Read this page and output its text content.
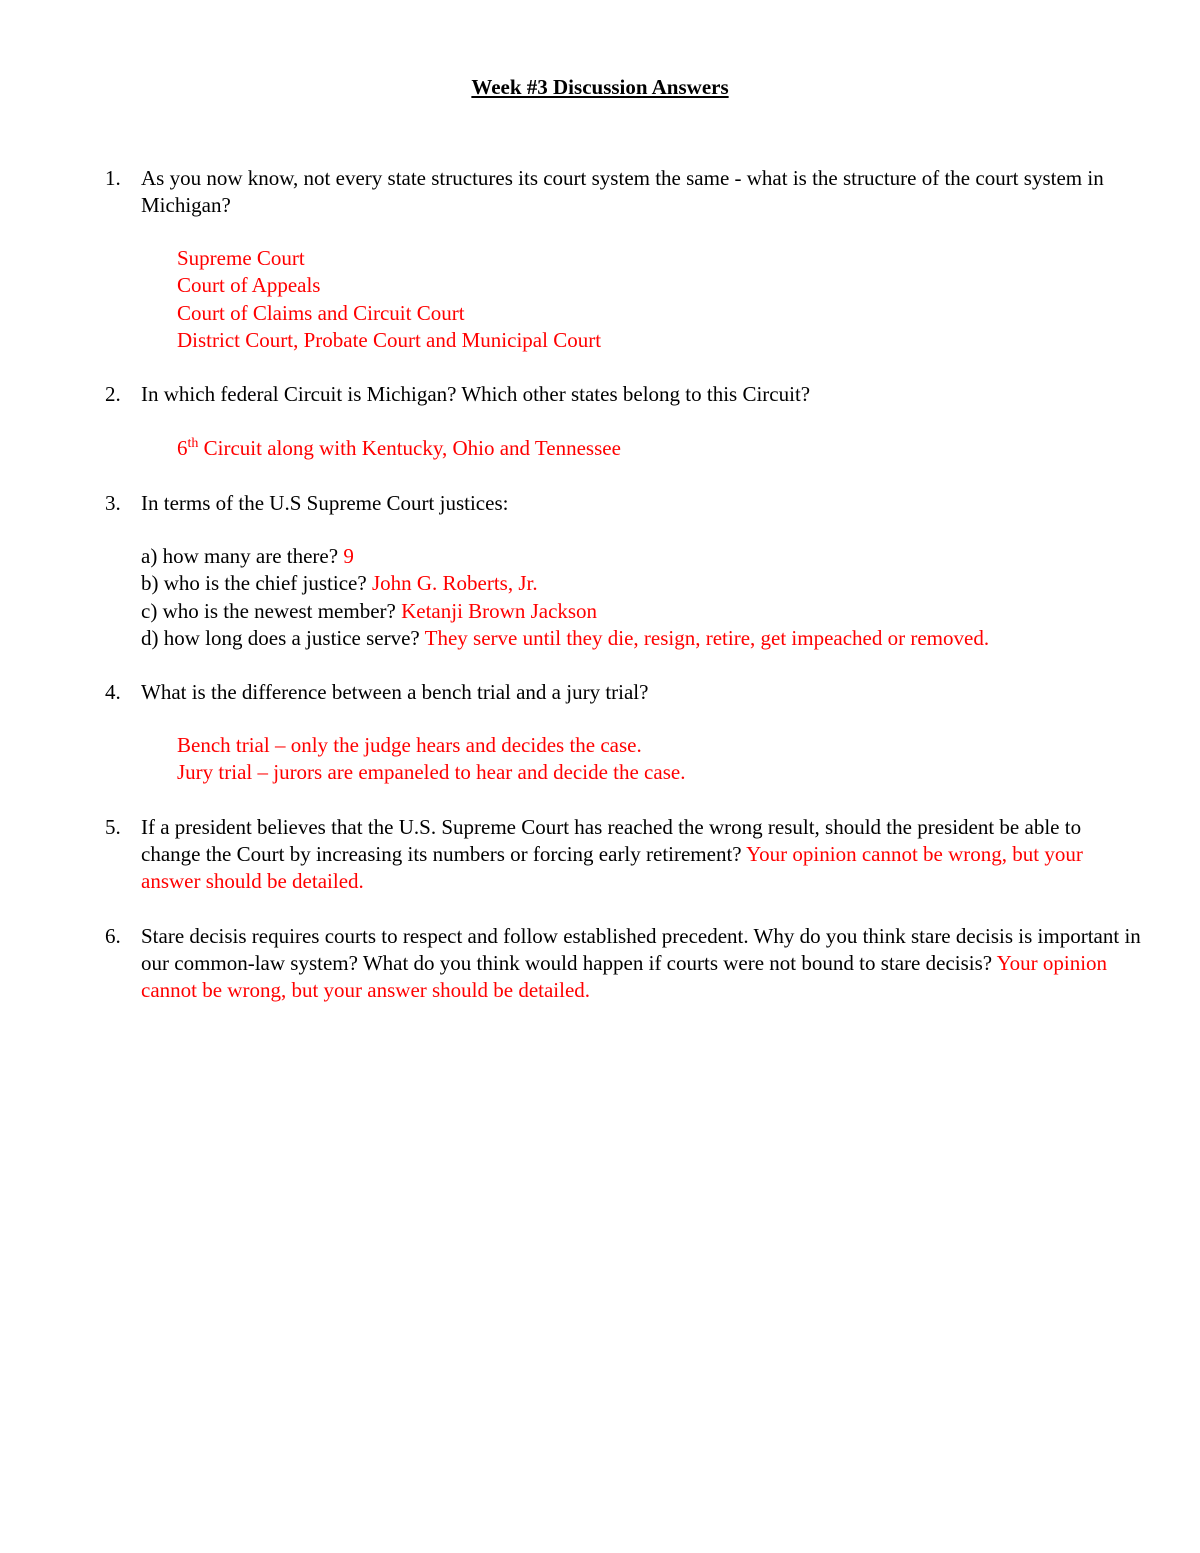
Week #3 Discussion Answers
1. As you now know, not every state structures its court system the same - what is the structure of the court system in Michigan?
Supreme Court
Court of Appeals
Court of Claims and Circuit Court
District Court, Probate Court and Municipal Court
2. In which federal Circuit is Michigan? Which other states belong to this Circuit?
6th Circuit along with Kentucky, Ohio and Tennessee
3. In terms of the U.S Supreme Court justices:
a) how many are there? 9
b) who is the chief justice? John G. Roberts, Jr.
c) who is the newest member? Ketanji Brown Jackson
d) how long does a justice serve? They serve until they die, resign, retire, get impeached or removed.
4. What is the difference between a bench trial and a jury trial?
Bench trial – only the judge hears and decides the case.
Jury trial – jurors are empaneled to hear and decide the case.
5. If a president believes that the U.S. Supreme Court has reached the wrong result, should the president be able to change the Court by increasing its numbers or forcing early retirement? Your opinion cannot be wrong, but your answer should be detailed.
6. Stare decisis requires courts to respect and follow established precedent. Why do you think stare decisis is important in our common-law system? What do you think would happen if courts were not bound to stare decisis? Your opinion cannot be wrong, but your answer should be detailed.
